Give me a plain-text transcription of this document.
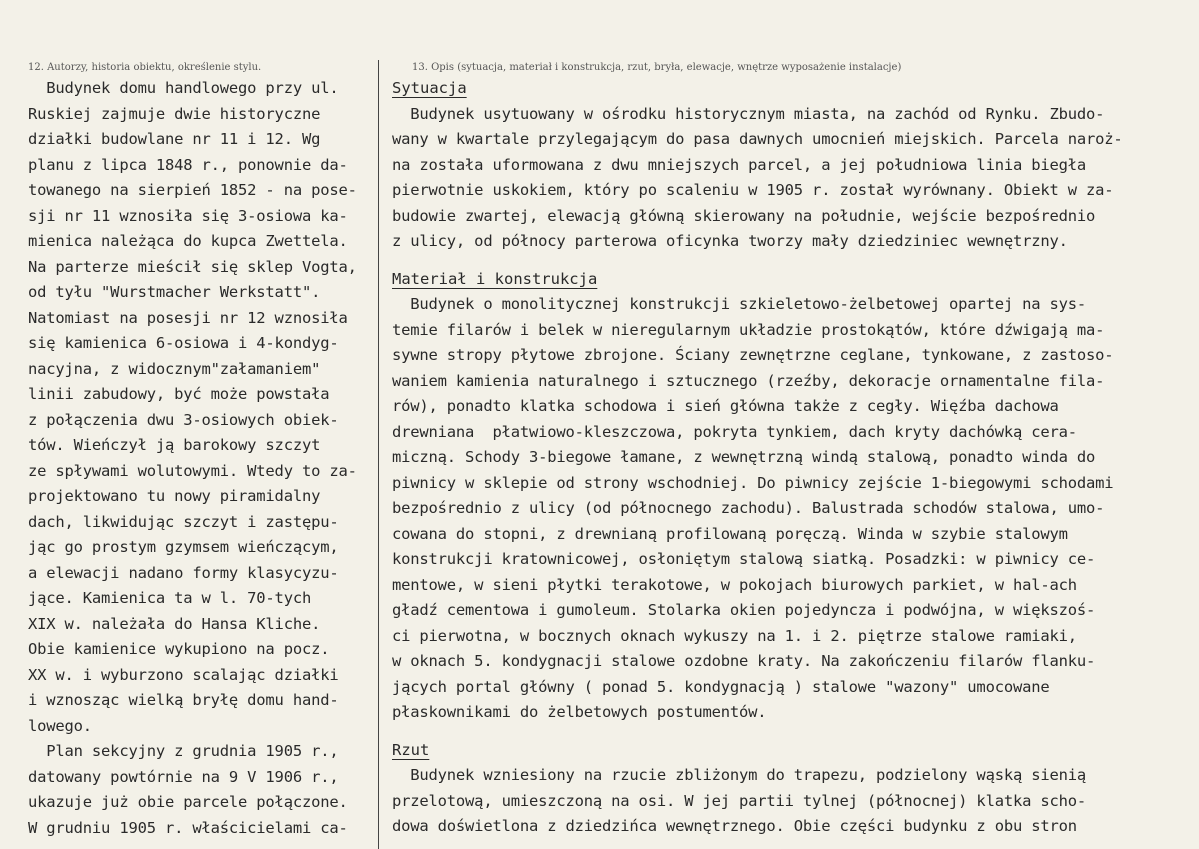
12. Autorzy, historia obiektu, określenie stylu.	13. Opis (sytuacja, materiał i konstrukcja, rzut, bryła, elewacje, wnętrze wyposażenie instalacje)
Budynek domu handlowego przy ul.
Ruskiej zajmuje dwie historyczne
działki budowlane nr 11 i 12. Wg
planu z lipca 1848 r., ponownie da-
towanego na sierpień 1852 - na pose-
sji nr 11 wznosiła się 3-osiowa ka-
mienica należąca do kupca Zwettela.
Na parterze mieścił się sklep Vogta,
od tyłu "Wurstmacher Werkstatt".
Natomiast na posesji nr 12 wznosiła
się kamienica 6-osiowa i 4-kondyg-
nacyjna, z widocznym"załamaniem"
linii zabudowy, być może powstała
z połączenia dwu 3-osiowych obiek-
tów. Wieńczył ją barokowy szczyt
ze spływami wolutowymi. Wtedy to za-
projektowano tu nowy piramidalny
dach, likwidując szczyt i zastępu-
jąc go prostym gzymsem wieńczącym,
a elewacji nadano formy klasycyzu-
jące. Kamienica ta w l. 70-tych
XIX w. należała do Hansa Kliche.
Obie kamienice wykupiono na pocz.
XX w. i wyburzono scalając działki
i wznosząc wielką bryłę domu hand-
lowego.
Plan sekcyjny z grudnia 1905 r.,
datowany powtórnie na 9 V 1906 r.,
ukazuje już obie parcele połączone.
W grudniu 1905 r. właścicielami ca-
Sytuacja
Budynek usytuowany w ośrodku historycznym miasta, na zachód od Rynku. Zbudo-
wany w kwartale przylegającym do pasa dawnych umocnień miejskich. Parcela naroż-
na została uformowana z dwu mniejszych parcel, a jej południowa linia biegła
pierwotnie uskokiem, który po scaleniu w 1905 r. został wyrównany. Obiekt w za-
budowie zwartej, elewacją główną skierowany na południe, wejście bezpośrednio
z ulicy, od północy parterowa oficynka tworzy mały dziedziniec wewnętrzny.
Materiał i konstrukcja
Budynek o monolitycznej konstrukcji szkieletowo-żelbetowej opartej na sys-
temie filarów i belek w nieregularnym układzie prostokątów, które dźwigają ma-
sywne stropy płytowe zbrojone. Ściany zewnętrzne ceglane, tynkowane, z zastoso-
waniem kamienia naturalnego i sztucznego (rzeźby, dekoracje ornamentalne fila-
rów), ponadto klatka schodowa i sień główna także z cegły. Więźba dachowa
drewniana  płatwiowo-kleszczowa, pokryta tynkiem, dach kryty dachówką cera-
miczną. Schody 3-biegowe łamane, z wewnętrzną windą stalową, ponadto winda do
piwnicy w sklepie od strony wschodniej. Do piwnicy zejście 1-biegowymi schodami
bezpośrednio z ulicy (od północnego zachodu). Balustrada schodów stalowa, umo-
cowana do stopni, z drewnianą profilowaną poręczą. Winda w szybie stalowym
konstrukcji kratownicowej, osłoniętym stalową siatką. Posadzki: w piwnicy ce-
mentowe, w sieni płytki terakotowe, w pokojach biurowych parkiet, w hal-ach
gładź cementowa i gumoleum. Stolarka okien pojedyncza i podwójna, w większoś-
ci pierwotna, w bocznych oknach wykuszy na 1. i 2. piętrze stalowe ramiaki,
w oknach 5. kondygnacji stalowe ozdobne kraty. Na zakończeniu filarów flanku-
jących portal główny ( ponad 5. kondygnacją ) stalowe "wazony" umocowane
płaskownikami do żelbetowych postumentów.
Rzut
Budynek wzniesiony na rzucie zbliżonym do trapezu, podzielony wąską sienią
przelotową, umieszczoną na osi. W jej partii tylnej (północnej) klatka scho-
dowa doświetlona z dziedzińca wewnętrznego. Obie części budynku z obu stron
